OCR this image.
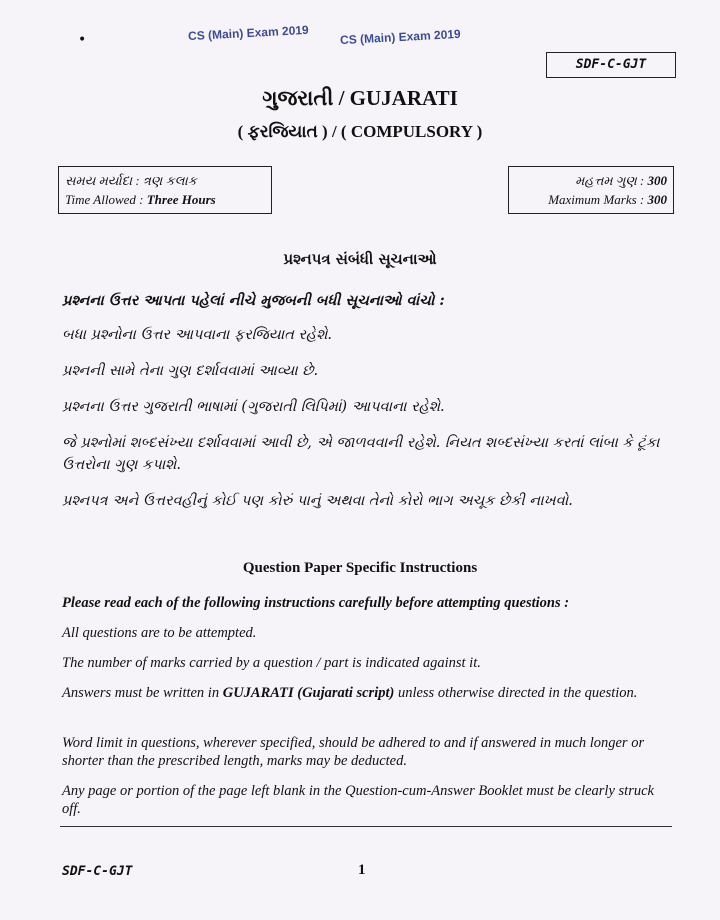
•	CS (Main) Exam 2019	CS (Main) Exam 2019
SDF-C-GJT
ગુજરાતી / GUJARATI
( ફરજિયાત ) / ( COMPULSORY )
સમય મર્યાદા : ત્રણ કલાક
Time Allowed : Three Hours
મહત્તમ ગુણ : 300
Maximum Marks : 300
પ્રશ્નપત્ર સંબંધી સૂચનાઓ
પ્રશ્નના ઉત્તર આપતા પહેલાં નીચે મુજબની બધી સૂચનાઓ વાંચો :
બધા પ્રશ્નોના ઉત્તર આપવાના ફરજિયાત રહેશે.
પ્રશ્નની સામે તેના ગુણ દર્શાવવામાં આવ્યા છે.
પ્રશ્નના ઉત્તર ગુજરાતી ભાષામાં (ગુજરાતી લિપિમાં) આપવાના રહેશે.
જે પ્રશ્નોમાં શબ્દસંખ્યા દર્શાવવામાં આવી છે, એ જાળવવાની રહેશે. નિયત શબ્દસંખ્યા કરતાં લાંબા કે ટૂંકા ઉત્તરોના ગુણ કપાશે.
પ્રશ્નપત્ર અને ઉત્તરવહીનું કોઈ પણ કોરું પાનું અથવા તેનો કોરો ભાગ અચૂક છેકી નાખવો.
Question Paper Specific Instructions
Please read each of the following instructions carefully before attempting questions :
All questions are to be attempted.
The number of marks carried by a question / part is indicated against it.
Answers must be written in GUJARATI (Gujarati script) unless otherwise directed in the question.
Word limit in questions, wherever specified, should be adhered to and if answered in much longer or shorter than the prescribed length, marks may be deducted.
Any page or portion of the page left blank in the Question-cum-Answer Booklet must be clearly struck off.
SDF-C-GJT	1
